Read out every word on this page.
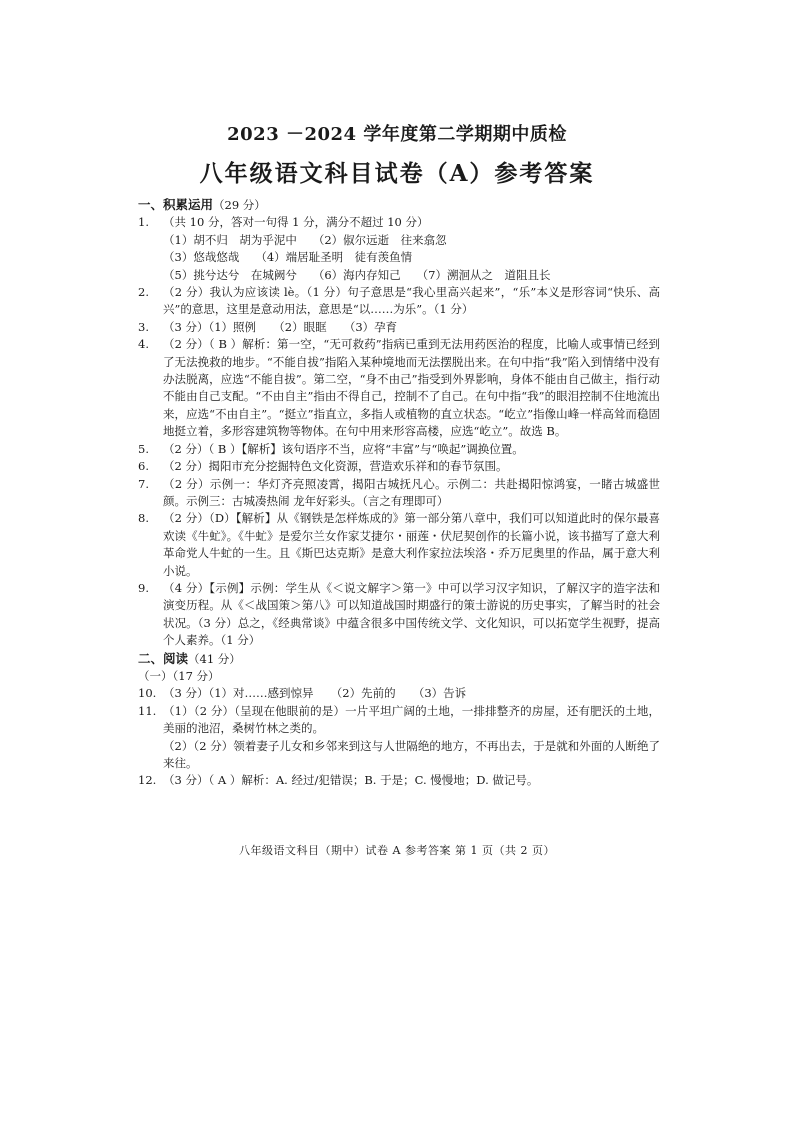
2023 －2024 学年度第二学期期中质检
八年级语文科目试卷（A）参考答案

一、积累运用（29 分）

1. （共 10 分，答对一句得 1 分，满分不超过 10 分）

（1）胡不归　胡为乎泥中 （2）俶尔远逝　往来翕忽

（3）悠哉悠哉 （4）端居耻圣明　徒有羡鱼情

（5）挑兮达兮　在城阙兮 （6）海内存知己 （7）溯洄从之　道阻且长

2. （2 分）我认为应该读 lè。（1 分）句子意思是“我心里高兴起来”，“乐”本义是形容词“快乐、高兴”的意思，这里是意动用法，意思是“以……为乐”。（1 分）
3. （3 分）（1）照例　　（2）眼眶　　（3）孕育
4. （2 分）（ B ）解析：第一空，“无可救药”指病已重到无法用药医治的程度，比喻人或事情已经到了无法挽救的地步。“不能自拔”指陷入某种境地而无法摆脱出来。在句中指“我”陷入到情绪中没有办法脱离，应选“不能自拔”。第二空，“身不由己”指受到外界影响，身体不能由自己做主，指行动不能由自己支配。“不由自主”指由不得自己，控制不了自己。在句中指“我”的眼泪控制不住地流出来，应选“不由自主”。“挺立”指直立，多指人或植物的直立状态。“屹立”指像山峰一样高耸而稳固地挺立着，多形容建筑物等物体。在句中用来形容高楼，应选“屹立”。故选 B。
5. （2 分）（ B ）【解析】该句语序不当，应将“丰富”与“唤起”调换位置。
6. （2 分）揭阳市充分挖掘特色文化资源，营造欢乐祥和的春节氛围。
7. （2 分）示例一：华灯齐亮照凌霄，揭阳古城抚凡心。示例二：共赴揭阳惊鸿宴，一睹古城盛世颜。示例三：古城凑热闹 龙年好彩头。（言之有理即可）
8. （2 分）（D）【解析】从《钢铁是怎样炼成的》第一部分第八章中，我们可以知道此时的保尔最喜欢读《牛虻》。《牛虻》是爱尔兰女作家艾捷尔・丽莲・伏尼契创作的长篇小说，该书描写了意大利革命党人牛虻的一生。且《斯巴达克斯》是意大利作家拉法埃洛・乔万尼奥里的作品，属于意大利小说。
9. （4 分）【示例】示例：学生从《＜说文解字＞第一》中可以学习汉字知识，了解汉字的造字法和演变历程。从《＜战国策＞第八》可以知道战国时期盛行的策士游说的历史事实，了解当时的社会状况。（3 分）总之，《经典常谈》中蕴含很多中国传统文学、文化知识，可以拓宽学生视野，提高个人素养。（1 分）

二、阅读（41 分）

（一）（17 分）

10. （3 分）（1）对……感到惊异　　（2）先前的　　（3）告诉
11. （1）（2 分）（呈现在他眼前的是）一片平坦广阔的土地，一排排整齐的房屋，还有肥沃的土地，美丽的池沼，桑树竹林之类的。

（2）（2 分）领着妻子儿女和乡邻来到这与人世隔绝的地方，不再出去，于是就和外面的人断绝了来往。

12. （3 分）（ A ）解析：A. 经过/犯错误；B. 于是；C. 慢慢地；D. 做记号。
八年级语文科目（期中）试卷 A 参考答案 第 1 页（共 2 页）
